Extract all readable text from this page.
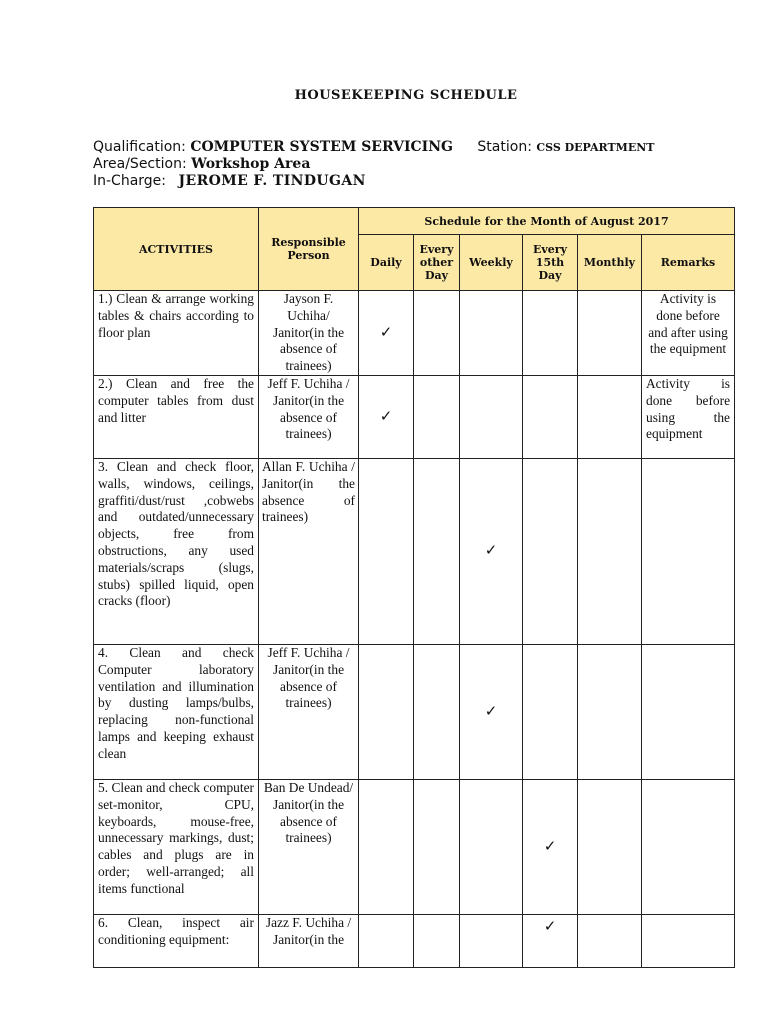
HOUSEKEEPING SCHEDULE
Qualification: COMPUTER SYSTEM SERVICING Station: CSS DEPARTMENT
Area/Section: Workshop Area
In-Charge: JEROME F. TINDUGAN
ACTIVITIES	Responsible Person	Schedule for the Month of August 2017					
		Daily	Every other Day	Weekly	Every 15th Day	Monthly	Remarks
1.) Clean & arrange working tables & chairs according to floor plan	Jayson F. Uchiha/ Janitor(in the absence of trainees)	✓					Activity is done before and after using the equipment
2.) Clean and free the computer tables from dust and litter	Jeff F. Uchiha / Janitor(in the absence of trainees)	✓					Activity is done before using the equipment
3. Clean and check floor, walls, windows, ceilings, graffiti/dust/rust ,cobwebs and outdated/unnecessary objects, free from obstructions, any used materials/scraps (slugs, stubs) spilled liquid, open cracks (floor)	Allan F. Uchiha / Janitor(in the absence of trainees)			✓			
4. Clean and check Computer laboratory ventilation and illumination by dusting lamps/bulbs, replacing non-functional lamps and keeping exhaust clean	Jeff F. Uchiha / Janitor(in the absence of trainees)			✓			
5. Clean and check computer set-monitor, CPU, keyboards, mouse-free, unnecessary markings, dust; cables and plugs are in order; well-arranged; all items functional	Ban De Undead/ Janitor(in the absence of trainees)				✓		
6. Clean, inspect air conditioning equipment:	Jazz F. Uchiha / Janitor(in the				✓		
